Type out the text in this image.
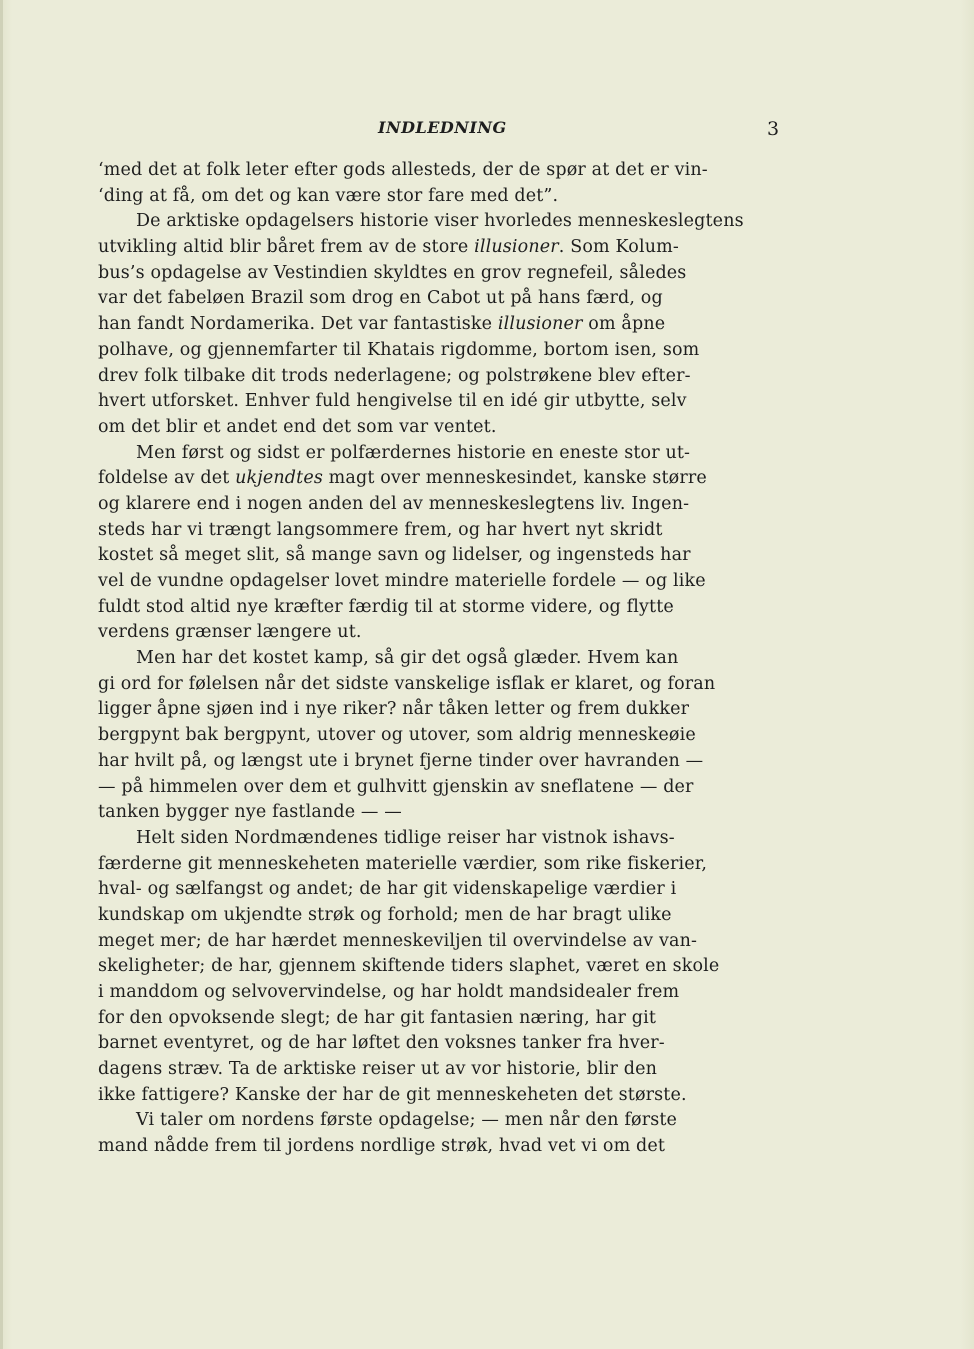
INDLEDNING	3
‘med det at folk leter efter gods allesteds, der de spør at det er vin-
‘ding at få, om det og kan være stor fare med det”.
De arktiske opdagelsers historie viser hvorledes menneskeslegtens
utvikling altid blir båret frem av de store illusioner. Som Kolum-
bus’s opdagelse av Vestindien skyldtes en grov regnefeil, således
var det fabeløen Brazil som drog en Cabot ut på hans færd, og
han fandt Nordamerika. Det var fantastiske illusioner om åpne
polhave, og gjennemfarter til Khatais rigdomme, bortom isen, som
drev folk tilbake dit trods nederlagene; og polstrøkene blev efter-
hvert utforsket. Enhver fuld hengivelse til en idé gir utbytte, selv
om det blir et andet end det som var ventet.
Men først og sidst er polfærdernes historie en eneste stor ut-
foldelse av det ukjendtes magt over menneskesindet, kanske større
og klarere end i nogen anden del av menneskeslegtens liv. Ingen-
steds har vi trængt langsommere frem, og har hvert nyt skridt
kostet så meget slit, så mange savn og lidelser, og ingensteds har
vel de vundne opdagelser lovet mindre materielle fordele — og like
fuldt stod altid nye kræfter færdig til at storme videre, og flytte
verdens grænser længere ut.
Men har det kostet kamp, så gir det også glæder. Hvem kan
gi ord for følelsen når det sidste vanskelige isflak er klaret, og foran
ligger åpne sjøen ind i nye riker? når tåken letter og frem dukker
bergpynt bak bergpynt, utover og utover, som aldrig menneskeøie
har hvilt på, og længst ute i brynet fjerne tinder over havranden —
— på himmelen over dem et gulhvitt gjenskin av sneflatene — der
tanken bygger nye fastlande — —
Helt siden Nordmændenes tidlige reiser har vistnok ishavs-
færderne git menneskeheten materielle værdier, som rike fiskerier,
hval- og sælfangst og andet; de har git videnskapelige værdier i
kundskap om ukjendte strøk og forhold; men de har bragt ulike
meget mer; de har hærdet menneskeviljen til overvindelse av van-
skeligheter; de har, gjennem skiftende tiders slaphet, været en skole
i manddom og selvovervindelse, og har holdt mandsidealer frem
for den opvoksende slegt; de har git fantasien næring, har git
barnet eventyret, og de har løftet den voksnes tanker fra hver-
dagens stræv. Ta de arktiske reiser ut av vor historie, blir den
ikke fattigere? Kanske der har de git menneskeheten det største.
Vi taler om nordens første opdagelse; — men når den første
mand nådde frem til jordens nordlige strøk, hvad vet vi om det
